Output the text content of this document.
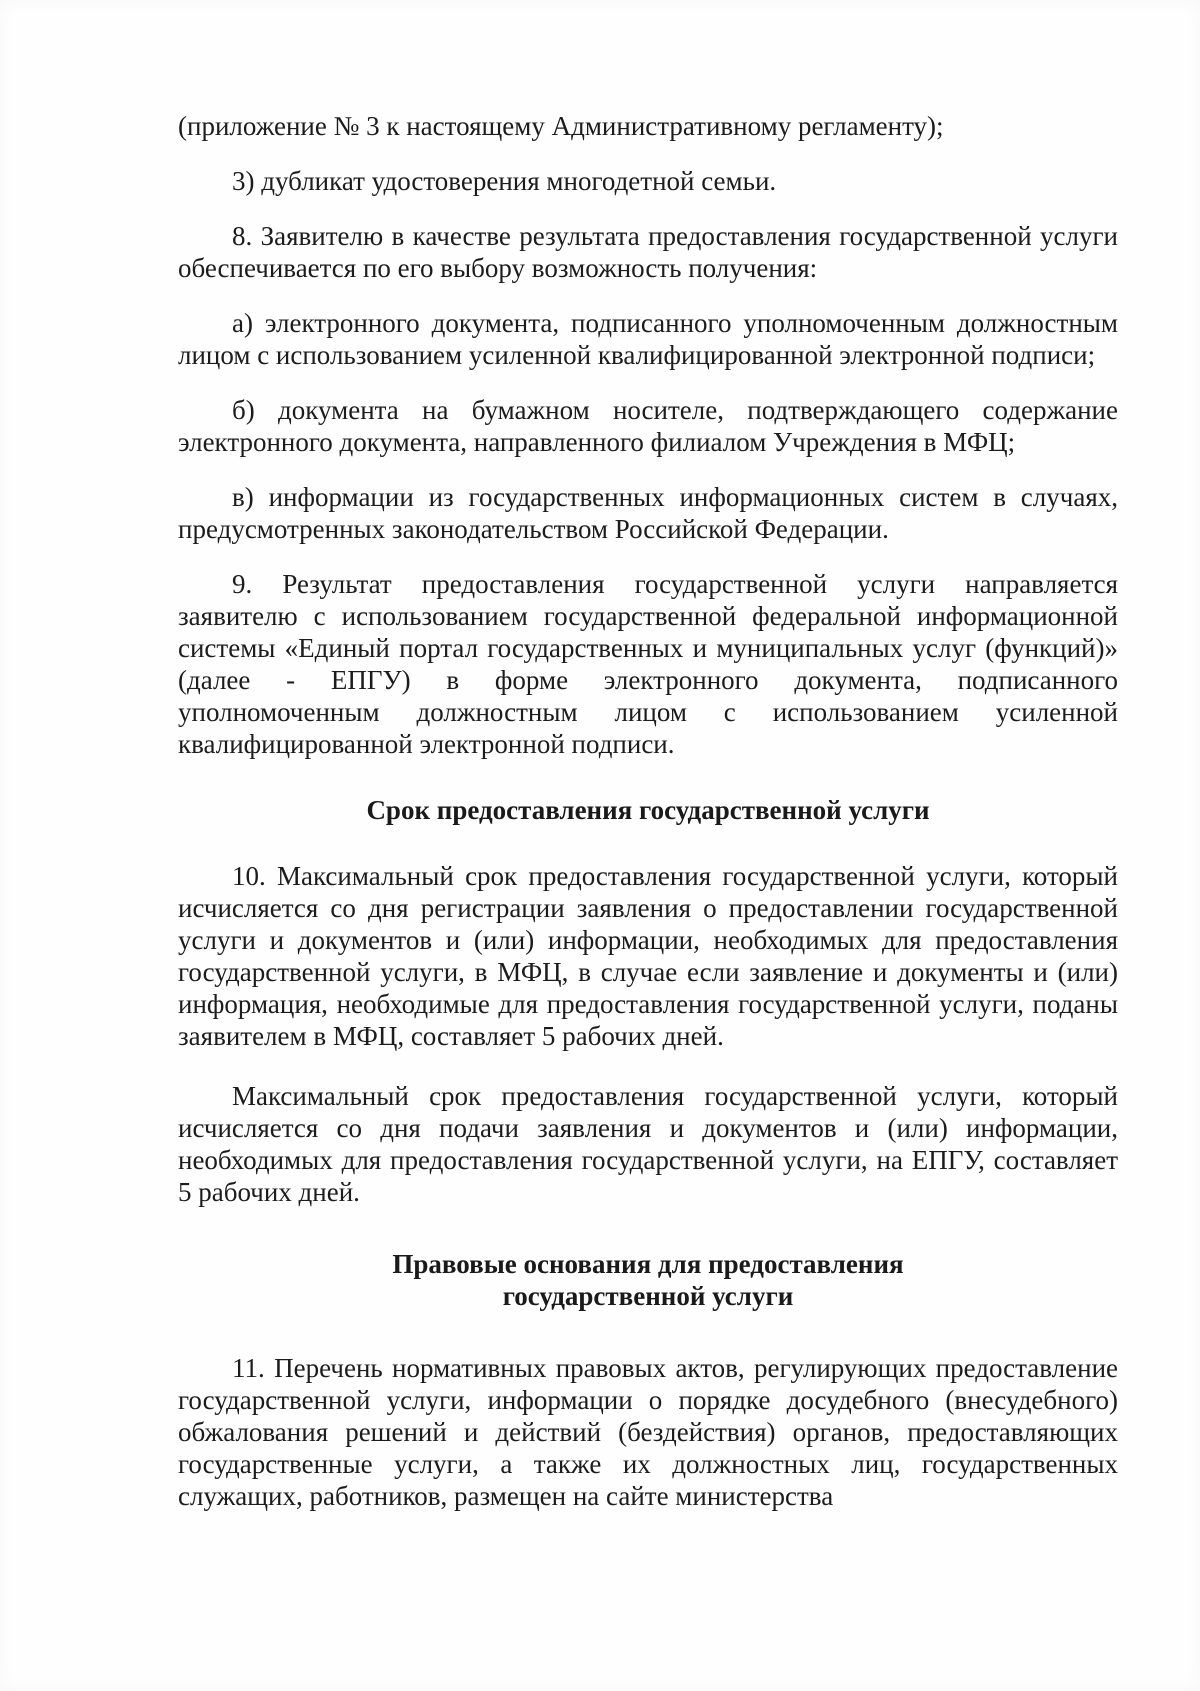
(приложение № 3 к настоящему Административному регламенту);

3) дубликат удостоверения многодетной семьи.

8. Заявителю в качестве результата предоставления государственной услуги обеспечивается по его выбору возможность получения:

а) электронного документа, подписанного уполномоченным должностным лицом с использованием усиленной квалифицированной электронной подписи;

б) документа на бумажном носителе, подтверждающего содержание электронного документа, направленного филиалом Учреждения в МФЦ;

в) информации из государственных информационных систем в случаях, предусмотренных законодательством Российской Федерации.

9. Результат предоставления государственной услуги направляется заявителю с использованием государственной федеральной информационной системы «Единый портал государственных и муниципальных услуг (функций)» (далее - ЕПГУ) в форме электронного документа, подписанного уполномоченным должностным лицом с использованием усиленной квалифицированной электронной подписи.

Срок предоставления государственной услуги

10. Максимальный срок предоставления государственной услуги, который исчисляется со дня регистрации заявления о предоставлении государственной услуги и документов и (или) информации, необходимых для предоставления государственной услуги, в МФЦ, в случае если заявление и документы и (или) информация, необходимые для предоставления государственной услуги, поданы заявителем в МФЦ, составляет 5 рабочих дней.

Максимальный срок предоставления государственной услуги, который исчисляется со дня подачи заявления и документов и (или) информации, необходимых для предоставления государственной услуги, на ЕПГУ, составляет 5 рабочих дней.

Правовые основания для предоставления
государственной услуги

11. Перечень нормативных правовых актов, регулирующих предоставление государственной услуги, информации о порядке досудебного (внесудебного) обжалования решений и действий (бездействия) органов, предоставляющих государственные услуги, а также их должностных лиц, государственных служащих, работников, размещен на сайте министерства
